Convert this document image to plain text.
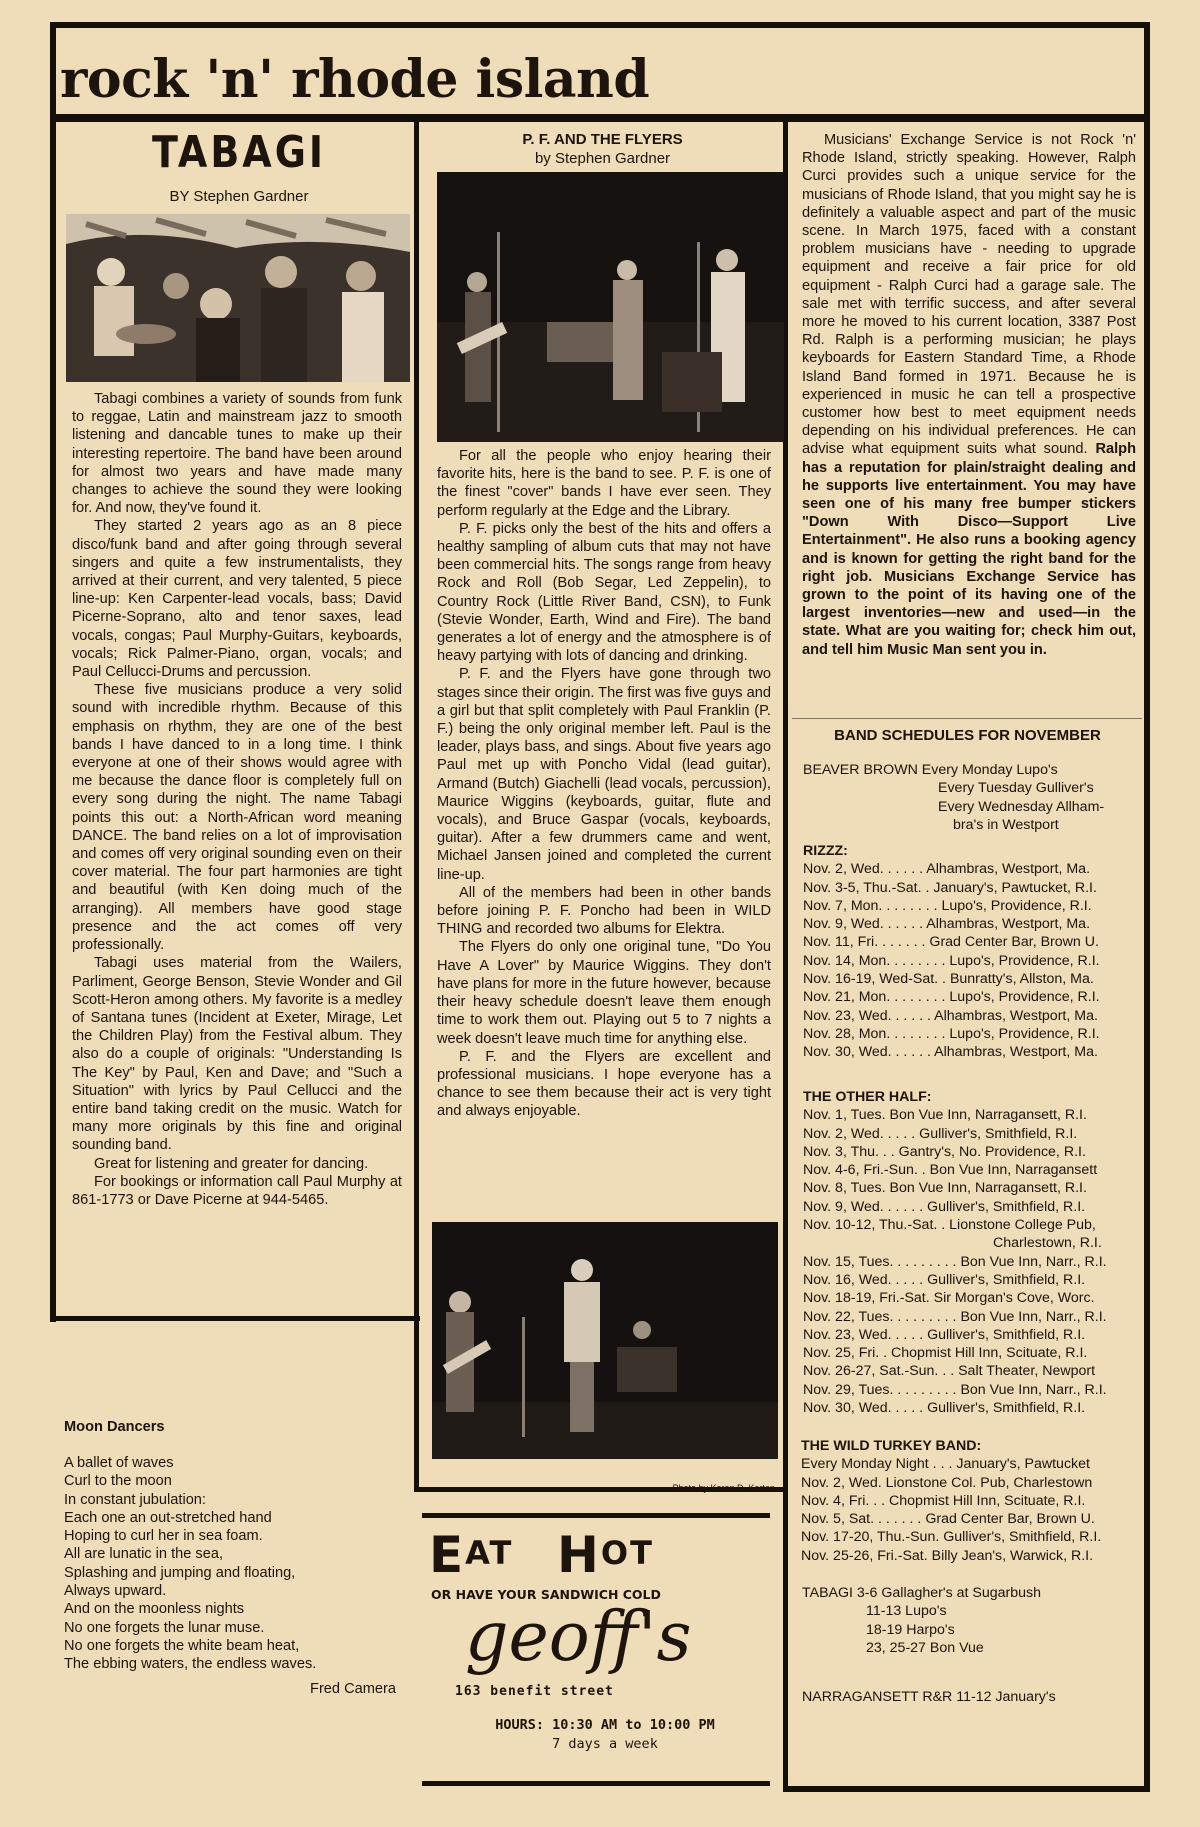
rock 'n' rhode island
TABAGI
BY Stephen Gardner

Tabagi combines a variety of sounds from funk to reggae, Latin and mainstream jazz to smooth listening and dancable tunes to make up their interesting repertoire. The band have been around for almost two years and have made many changes to achieve the sound they were looking for. And now, they've found it.

They started 2 years ago as an 8 piece disco/funk band and after going through several singers and quite a few instrumentalists, they arrived at their current, and very talented, 5 piece line-up: Ken Carpenter-lead vocals, bass; David Picerne-Soprano, alto and tenor saxes, lead vocals, congas; Paul Murphy-Guitars, keyboards, vocals; Rick Palmer-Piano, organ, vocals; and Paul Cellucci-Drums and percussion.

These five musicians produce a very solid sound with incredible rhythm. Because of this emphasis on rhythm, they are one of the best bands I have danced to in a long time. I think everyone at one of their shows would agree with me because the dance floor is completely full on every song during the night. The name Tabagi points this out: a North-African word meaning DANCE. The band relies on a lot of improvisation and comes off very original sounding even on their cover material. The four part harmonies are tight and beautiful (with Ken doing much of the arranging). All members have good stage presence and the act comes off very professionally.

Tabagi uses material from the Wailers, Parliment, George Benson, Stevie Wonder and Gil Scott-Heron among others. My favorite is a medley of Santana tunes (Incident at Exeter, Mirage, Let the Children Play) from the Festival album. They also do a couple of originals: "Understanding Is The Key" by Paul, Ken and Dave; and "Such a Situation" with lyrics by Paul Cellucci and the entire band taking credit on the music. Watch for many more originals by this fine and original sounding band.

Great for listening and greater for dancing.

For bookings or information call Paul Murphy at 861-1773 or Dave Picerne at 944-5465.

P. F. AND THE FLYERS
by Stephen Gardner

For all the people who enjoy hearing their favorite hits, here is the band to see. P. F. is one of the finest "cover" bands I have ever seen. They perform regularly at the Edge and the Library.

P. F. picks only the best of the hits and offers a healthy sampling of album cuts that may not have been commercial hits. The songs range from heavy Rock and Roll (Bob Segar, Led Zeppelin), to Country Rock (Little River Band, CSN), to Funk (Stevie Wonder, Earth, Wind and Fire). The band generates a lot of energy and the atmosphere is of heavy partying with lots of dancing and drinking.

P. F. and the Flyers have gone through two stages since their origin. The first was five guys and a girl but that split completely with Paul Franklin (P. F.) being the only original member left. Paul is the leader, plays bass, and sings. About five years ago Paul met up with Poncho Vidal (lead guitar), Armand (Butch) Giachelli (lead vocals, percussion), Maurice Wiggins (keyboards, guitar, flute and vocals), and Bruce Gaspar (vocals, keyboards, guitar). After a few drummers came and went, Michael Jansen joined and completed the current line-up.

All of the members had been in other bands before joining P. F. Poncho had been in WILD THING and recorded two albums for Elektra.

The Flyers do only one original tune, "Do You Have A Lover" by Maurice Wiggins. They don't have plans for more in the future however, because their heavy schedule doesn't leave them enough time to work them out. Playing out 5 to 7 nights a week doesn't leave much time for anything else.

P. F. and the Flyers are excellent and professional musicians. I hope everyone has a chance to see them because their act is very tight and always enjoyable.

Photo by Karen D. Karten

Musicians' Exchange Service is not Rock 'n' Rhode Island, strictly speaking. However, Ralph Curci provides such a unique service for the musicians of Rhode Island, that you might say he is definitely a valuable aspect and part of the music scene. In March 1975, faced with a constant problem musicians have - needing to upgrade equipment and receive a fair price for old equipment - Ralph Curci had a garage sale. The sale met with terrific success, and after several more he moved to his current location, 3387 Post Rd. Ralph is a performing musician; he plays keyboards for Eastern Standard Time, a Rhode Island Band formed in 1971. Because he is experienced in music he can tell a prospective customer how best to meet equipment needs depending on his individual preferences. He can advise what equipment suits what sound. Ralph has a reputation for plain/straight dealing and he supports live entertainment. You may have seen one of his many free bumper stickers "Down With Disco—Support Live Entertainment". He also runs a booking agency and is known for getting the right band for the right job. Musicians Exchange Service has grown to the point of its having one of the largest inventories—new and used—in the state. What are you waiting for; check him out, and tell him Music Man sent you in.

BAND SCHEDULES FOR NOVEMBER
BEAVER BROWN Every Monday Lupo's
Every Tuesday Gulliver's
Every Wednesday Allham-
bra's in Westport
RIZZZ:
Nov. 2, Wed. . . . . . Alhambras, Westport, Ma.
Nov. 3-5, Thu.-Sat. . January's, Pawtucket, R.I.
Nov. 7, Mon. . . . . . . . Lupo's, Providence, R.I.
Nov. 9, Wed. . . . . . Alhambras, Westport, Ma.
Nov. 11, Fri. . . . . . . Grad Center Bar, Brown U.
Nov. 14, Mon. . . . . . . . Lupo's, Providence, R.I.
Nov. 16-19, Wed-Sat. . Bunratty's, Allston, Ma.
Nov. 21, Mon. . . . . . . . Lupo's, Providence, R.I.
Nov. 23, Wed. . . . . . Alhambras, Westport, Ma.
Nov. 28, Mon. . . . . . . . Lupo's, Providence, R.I.
Nov. 30, Wed. . . . . . Alhambras, Westport, Ma.
THE OTHER HALF:
Nov. 1, Tues. Bon Vue Inn, Narragansett, R.I.
Nov. 2, Wed. . . . . Gulliver's, Smithfield, R.I.
Nov. 3, Thu. . . Gantry's, No. Providence, R.I.
Nov. 4-6, Fri.-Sun. . Bon Vue Inn, Narragansett
Nov. 8, Tues. Bon Vue Inn, Narragansett, R.I.
Nov. 9, Wed. . . . . . Gulliver's, Smithfield, R.I.
Nov. 10-12, Thu.-Sat. . Lionstone College Pub,
Charlestown, R.I.
Nov. 15, Tues. . . . . . . . . Bon Vue Inn, Narr., R.I.
Nov. 16, Wed. . . . . Gulliver's, Smithfield, R.I.
Nov. 18-19, Fri.-Sat. Sir Morgan's Cove, Worc.
Nov. 22, Tues. . . . . . . . . Bon Vue Inn, Narr., R.I.
Nov. 23, Wed. . . . . Gulliver's, Smithfield, R.I.
Nov. 25, Fri. . Chopmist Hill Inn, Scituate, R.I.
Nov. 26-27, Sat.-Sun. . . Salt Theater, Newport
Nov. 29, Tues. . . . . . . . . Bon Vue Inn, Narr., R.I.
Nov. 30, Wed. . . . . Gulliver's, Smithfield, R.I.
THE WILD TURKEY BAND:
Every Monday Night . . . January's, Pawtucket
Nov. 2, Wed. Lionstone Col. Pub, Charlestown
Nov. 4, Fri. . . Chopmist Hill Inn, Scituate, R.I.
Nov. 5, Sat. . . . . . . Grad Center Bar, Brown U.
Nov. 17-20, Thu.-Sun. Gulliver's, Smithfield, R.I.
Nov. 25-26, Fri.-Sat. Billy Jean's, Warwick, R.I.
TABAGI 3-6 Gallagher's at Sugarbush
11-13 Lupo's
18-19 Harpo's
23, 25-27 Bon Vue
NARRAGANSETT R&R 11-12 January's
Moon Dancers
A ballet of waves
Curl to the moon
In constant jubulation:
Each one an out-stretched hand
Hoping to curl her in sea foam.
All are lunatic in the sea,
Splashing and jumping and floating,
Always upward.
And on the moonless nights
No one forgets the lunar muse.
No one forgets the white beam heat,
The ebbing waters, the endless waves.
Fred Camera
EAT HOT
OR HAVE YOUR SANDWICH COLD
geoff's
163 benefit street
HOURS: 10:30 AM to 10:00 PM
7 days a week
